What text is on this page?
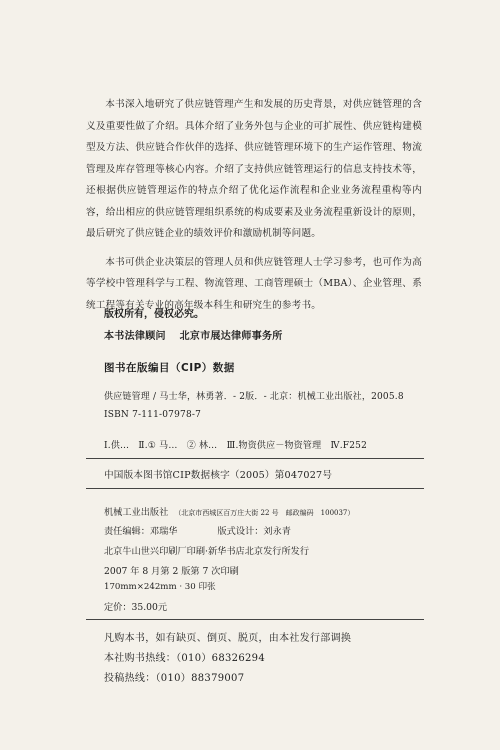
本书深入地研究了供应链管理产生和发展的历史背景，对供应链管理的含义及重要性做了介绍。具体介绍了业务外包与企业的可扩展性、供应链构建模型及方法、供应链合作伙伴的选择、供应链管理环境下的生产运作管理、物流管理及库存管理等核心内容。介绍了支持供应链管理运行的信息支持技术等，还根据供应链管理运作的特点介绍了优化运作流程和企业业务流程重构等内容，给出相应的供应链管理组织系统的构成要素及业务流程重新设计的原则，最后研究了供应链企业的绩效评价和激励机制等问题。

本书可供企业决策层的管理人员和供应链管理人士学习参考，也可作为高等学校中管理科学与工程、物流管理、工商管理硕士（MBA）、企业管理、系统工程等有关专业的高年级本科生和研究生的参考书。

版权所有，侵权必究。
本书法律顾问 北京市展达律师事务所
图书在版编目（CIP）数据
供应链管理 / 马士华，林勇著．- 2版．- 北京：机械工业出版社，2005.8
ISBN 7-111-07978-7
Ⅰ.供…　Ⅱ.① 马…　② 林…　Ⅲ.物资供应－物资管理　Ⅳ.F252
中国版本图书馆CIP数据核字（2005）第047027号
机械工业出版社 （北京市西城区百万庄大街 22 号　邮政编码　100037）
责任编辑：邓瑞华	版式设计：刘永青
北京牛山世兴印刷厂印刷·新华书店北京发行所发行
2007 年 8 月第 2 版第 7 次印刷
170mm×242mm · 30 印张
定价：35.00元
凡购本书，如有缺页、倒页、脱页，由本社发行部调换
本社购书热线：（010）68326294
投稿热线：（010）88379007
